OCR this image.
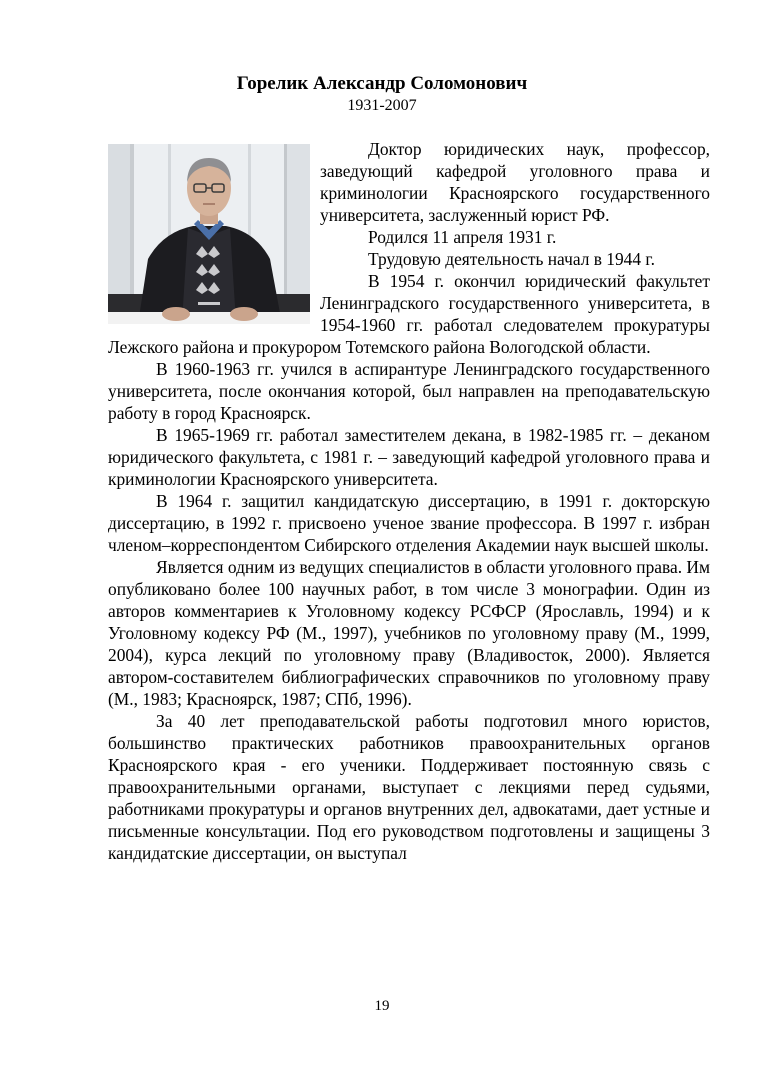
Горелик Александр Соломонович
1931-2007

Доктор юридических наук, профессор, заведующий кафедрой уголовного права и криминологии Красноярского государственного университета, заслуженный юрист РФ.

Родился 11 апреля 1931 г.

Трудовую деятельность начал в 1944 г.

В 1954 г. окончил юридический факультет Ленинградского государственного университета, в 1954-1960 гг. работал следователем прокуратуры Лежского района и прокурором Тотемского района Вологодской области.

В 1960-1963 гг. учился в аспирантуре Ленинградского государственного университета, после окончания которой, был направлен на преподавательскую работу в город Красноярск.

В 1965-1969 гг. работал заместителем декана, в 1982-1985 гг. – деканом юридического факультета, с 1981 г. – заведующий кафедрой уголовного права и криминологии Красноярского университета.

В 1964 г. защитил кандидатскую диссертацию, в 1991 г. докторскую диссертацию, в 1992 г. присвоено ученое звание профессора. В 1997 г. избран членом–корреспондентом Сибирского отделения Академии наук высшей школы.

Является одним из ведущих специалистов в области уголовного права. Им опубликовано более 100 научных работ, в том числе 3 монографии. Один из авторов комментариев к Уголовному кодексу РСФСР (Ярославль, 1994) и к Уголовному кодексу РФ (М., 1997), учебников по уголовному праву (М., 1999, 2004), курса лекций по уголовному праву (Владивосток, 2000). Является автором-составителем библиографических справочников по уголовному праву (М., 1983; Красноярск, 1987; СПб, 1996).

За 40 лет преподавательской работы подготовил много юристов, большинство практических работников правоохранительных органов Красноярского края - его ученики. Поддерживает постоянную связь с правоохранительными органами, выступает с лекциями перед судьями, работниками прокуратуры и органов внутренних дел, адвокатами, дает устные и письменные консультации. Под его руководством подготовлены и защищены 3 кандидатские диссертации, он выступал

19
